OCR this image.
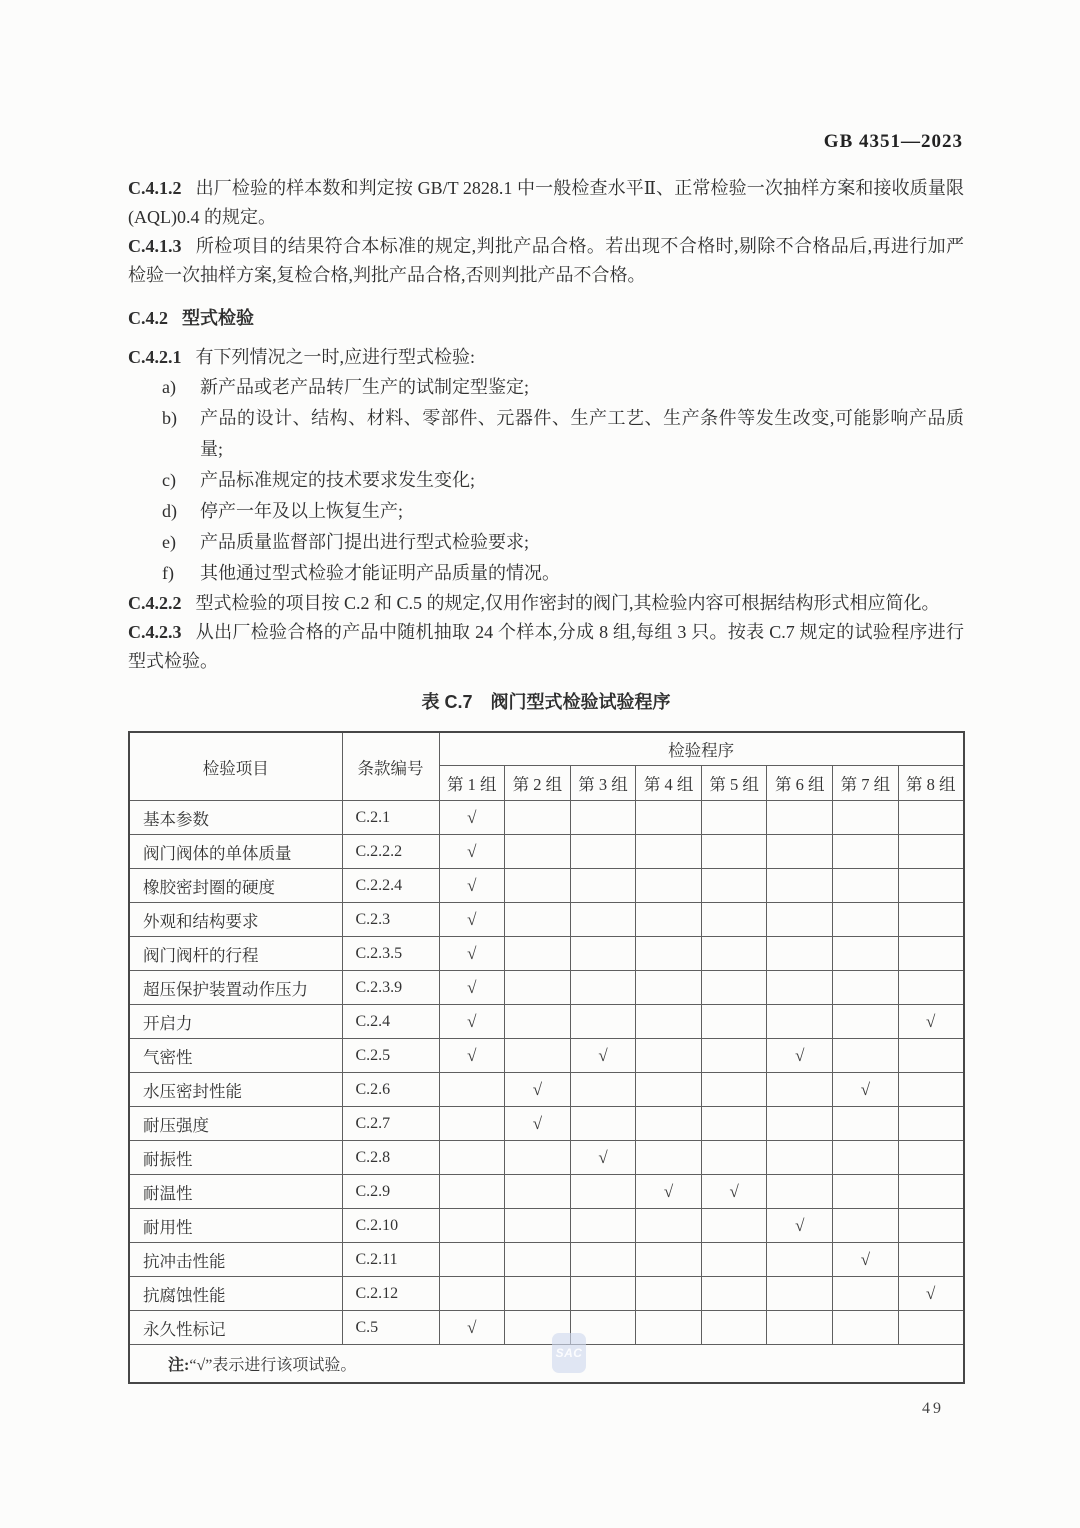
GB 4351—2023

C.4.1.2 出厂检验的样本数和判定按 GB/T 2828.1 中一般检查水平Ⅱ、正常检验一次抽样方案和接收质量限(AQL)0.4 的规定。

C.4.1.3 所检项目的结果符合本标准的规定,判批产品合格。若出现不合格时,剔除不合格品后,再进行加严检验一次抽样方案,复检合格,判批产品合格,否则判批产品不合格。

C.4.2 型式检验

C.4.2.1 有下列情况之一时,应进行型式检验:

a) 新产品或老产品转厂生产的试制定型鉴定;
b) 产品的设计、结构、材料、零部件、元器件、生产工艺、生产条件等发生改变,可能影响产品质量;
c) 产品标准规定的技术要求发生变化;
d) 停产一年及以上恢复生产;
e) 产品质量监督部门提出进行型式检验要求;
f) 其他通过型式检验才能证明产品质量的情况。

C.4.2.2 型式检验的项目按 C.2 和 C.5 的规定,仅用作密封的阀门,其检验内容可根据结构形式相应简化。

C.4.2.3 从出厂检验合格的产品中随机抽取 24 个样本,分成 8 组,每组 3 只。按表 C.7 规定的试验程序进行型式检验。

表 C.7　阀门型式检验试验程序
检验项目	条款编号	检验程序							
		第 1 组	第 2 组	第 3 组	第 4 组	第 5 组	第 6 组	第 7 组	第 8 组
基本参数	C.2.1	√							
阀门阀体的单体质量	C.2.2.2	√							
橡胶密封圈的硬度	C.2.2.4	√							
外观和结构要求	C.2.3	√							
阀门阀杆的行程	C.2.3.5	√							
超压保护装置动作压力	C.2.3.9	√							
开启力	C.2.4	√							√
气密性	C.2.5	√		√			√		
水压密封性能	C.2.6		√					√	
耐压强度	C.2.7		√						
耐振性	C.2.8			√					
耐温性	C.2.9				√	√			
耐用性	C.2.10						√		
抗冲击性能	C.2.11							√	
抗腐蚀性能	C.2.12								√
永久性标记	C.5	√							
注:“√”表示进行该项试验。									
SAC
49
